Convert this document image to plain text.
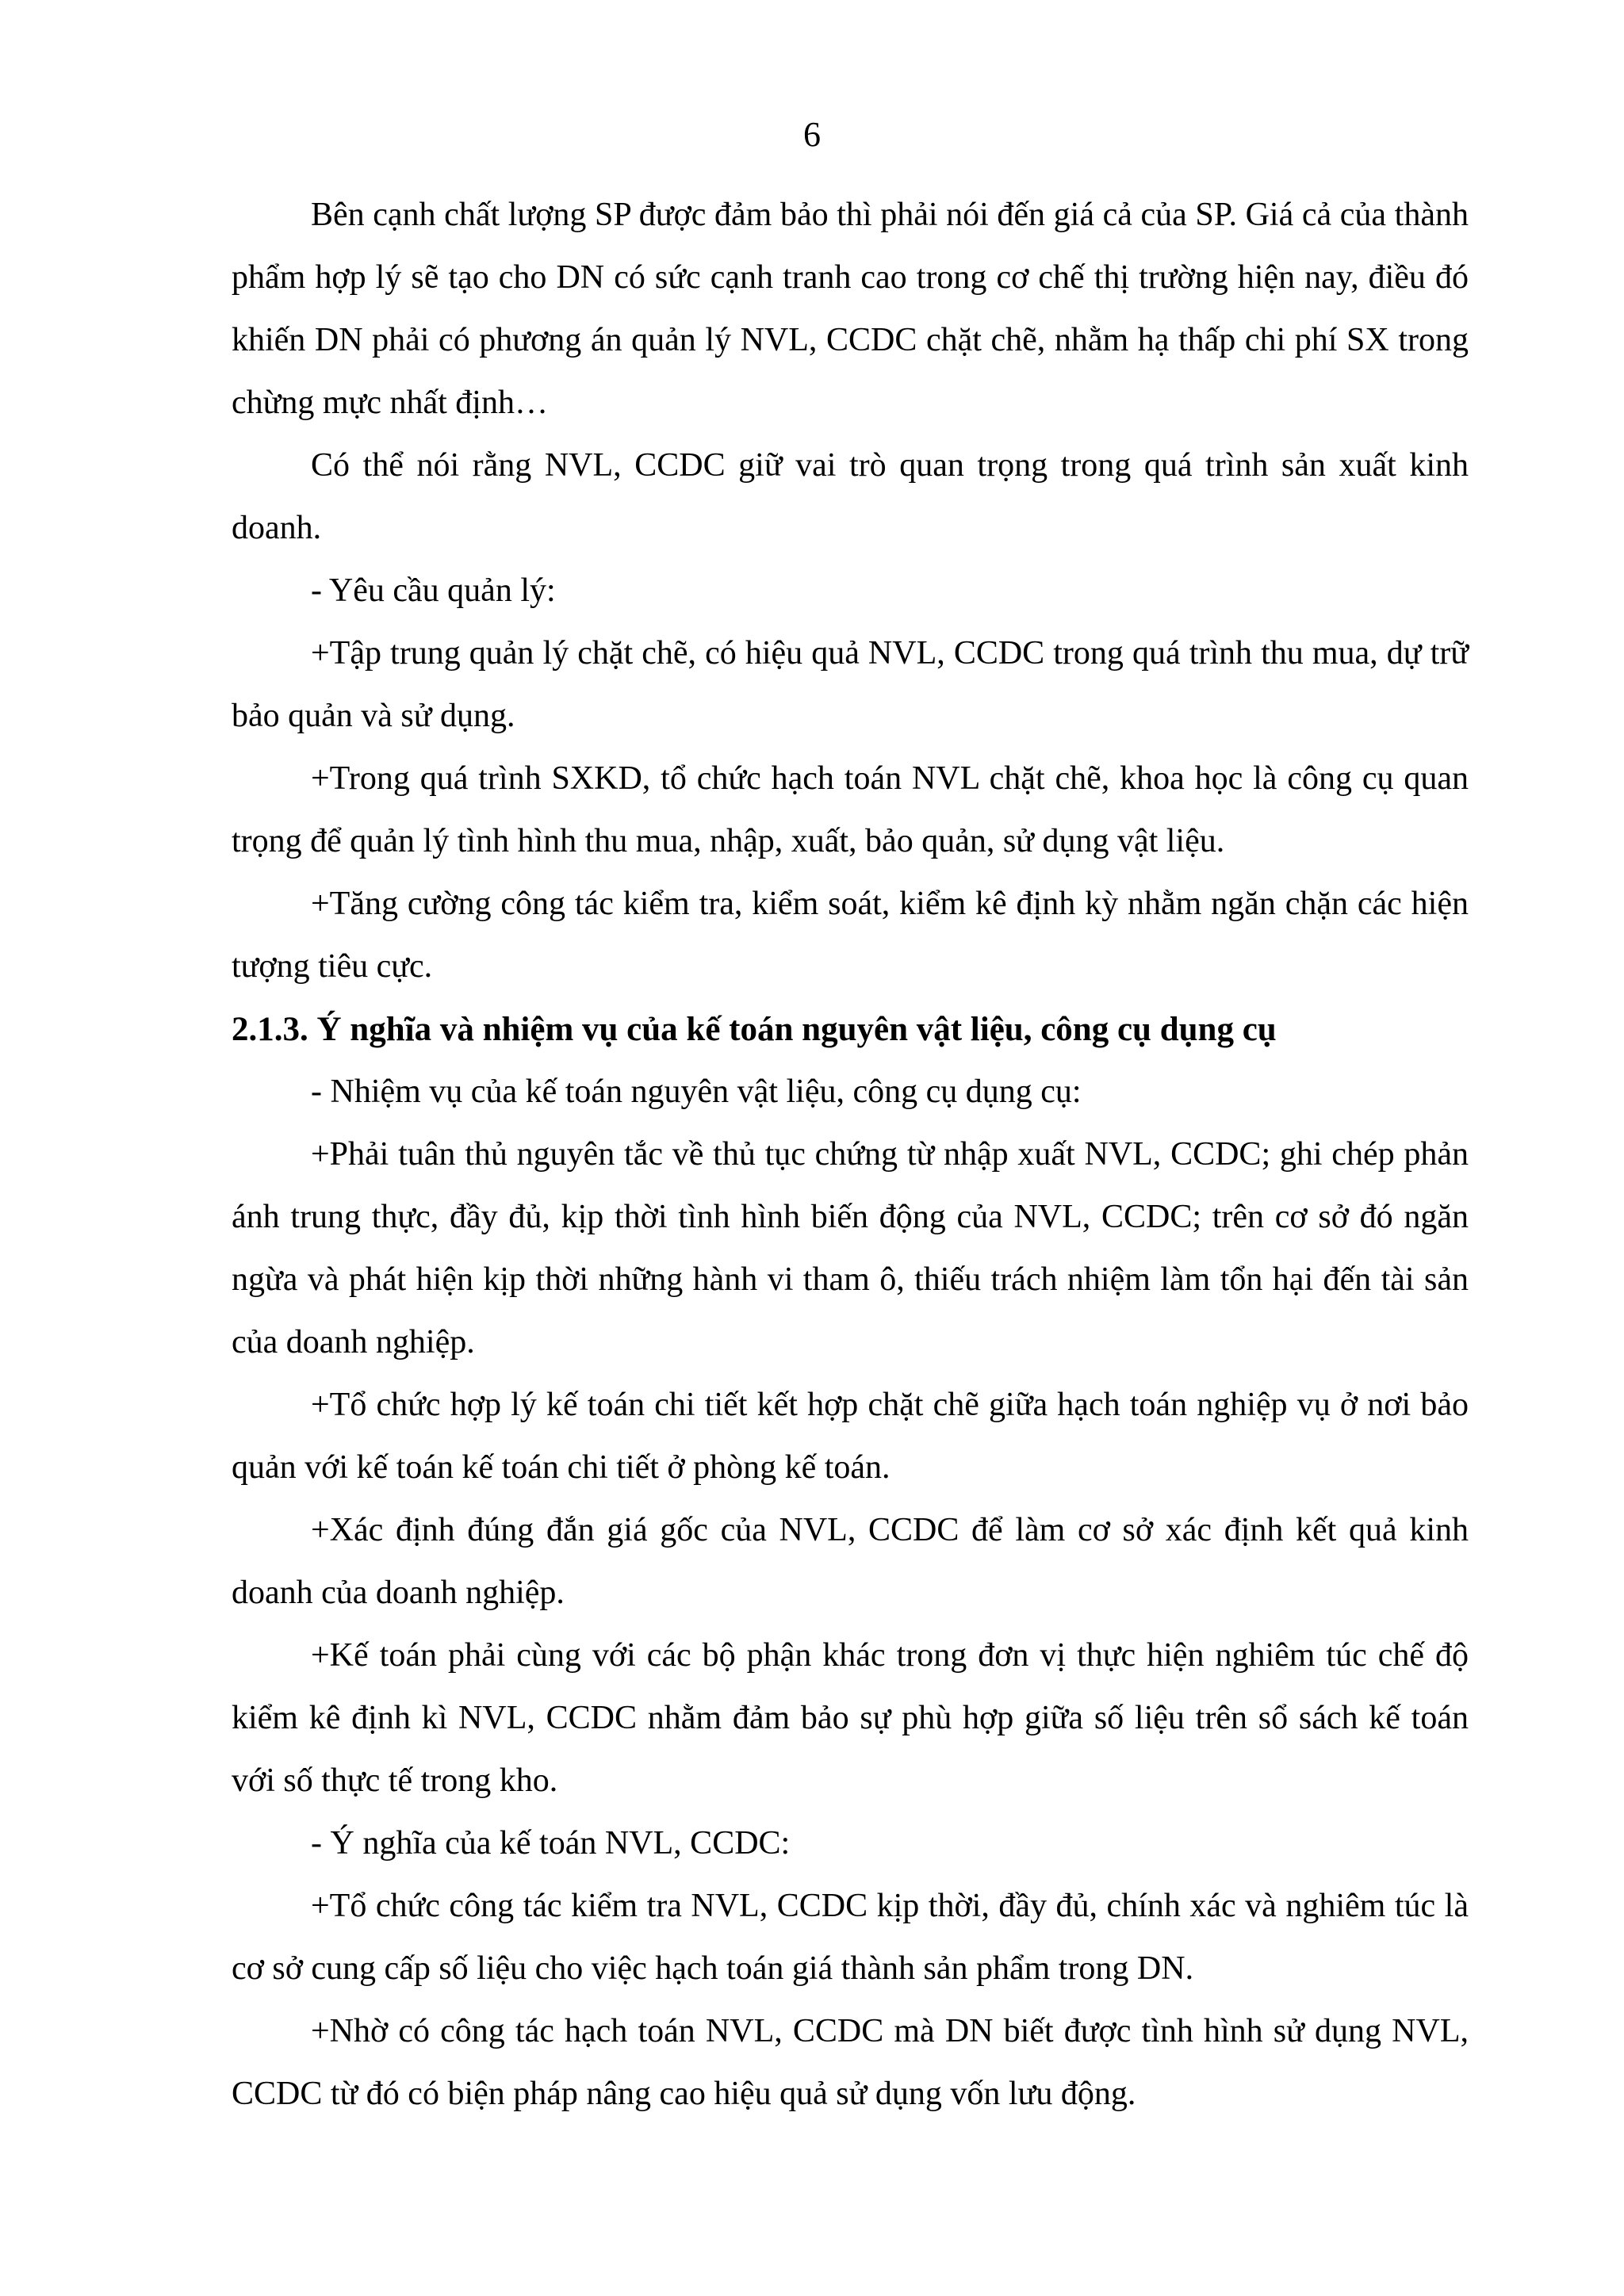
6

Bên cạnh chất lượng SP được đảm bảo thì phải nói đến giá cả của SP. Giá cả của thành phẩm hợp lý sẽ tạo cho DN có sức cạnh tranh cao trong cơ chế thị trường hiện nay, điều đó khiến DN phải có phương án quản lý NVL, CCDC chặt chẽ, nhằm hạ thấp chi phí SX trong chừng mực nhất định…

Có thể nói rằng NVL, CCDC giữ vai trò quan trọng trong quá trình sản xuất kinh doanh.

- Yêu cầu quản lý:

+Tập trung quản lý chặt chẽ, có hiệu quả NVL, CCDC trong quá trình thu mua, dự trữ bảo quản và sử dụng.

+Trong quá trình SXKD, tổ chức hạch toán NVL chặt chẽ, khoa học là công cụ quan trọng để quản lý tình hình thu mua, nhập, xuất, bảo quản, sử dụng vật liệu.

+Tăng cường công tác kiểm tra, kiểm soát, kiểm kê định kỳ nhằm ngăn chặn các hiện tượng tiêu cực.

2.1.3. Ý nghĩa và nhiệm vụ của kế toán nguyên vật liệu, công cụ dụng cụ

- Nhiệm vụ của kế toán nguyên vật liệu, công cụ dụng cụ:

+Phải tuân thủ nguyên tắc về thủ tục chứng từ nhập xuất NVL, CCDC; ghi chép phản ánh trung thực, đầy đủ, kịp thời tình hình biến động của NVL, CCDC; trên cơ sở đó ngăn ngừa và phát hiện kịp thời những hành vi tham ô, thiếu trách nhiệm làm tổn hại đến tài sản của doanh nghiệp.

+Tổ chức hợp lý kế toán chi tiết kết hợp chặt chẽ giữa hạch toán nghiệp vụ ở nơi bảo quản với kế toán kế toán chi tiết ở phòng kế toán.

+Xác định đúng đắn giá gốc của NVL, CCDC để làm cơ sở xác định kết quả kinh doanh của doanh nghiệp.

+Kế toán phải cùng với các bộ phận khác trong đơn vị thực hiện nghiêm túc chế độ kiểm kê định kì NVL, CCDC nhằm đảm bảo sự phù hợp giữa số liệu trên sổ sách kế toán với số thực tế trong kho.

- Ý nghĩa của kế toán NVL, CCDC:

+Tổ chức công tác kiểm tra NVL, CCDC kịp thời, đầy đủ, chính xác và nghiêm túc là cơ sở cung cấp số liệu cho việc hạch toán giá thành sản phẩm trong DN.

+Nhờ có công tác hạch toán NVL, CCDC mà DN biết được tình hình sử dụng NVL, CCDC từ đó có biện pháp nâng cao hiệu quả sử dụng vốn lưu động.
